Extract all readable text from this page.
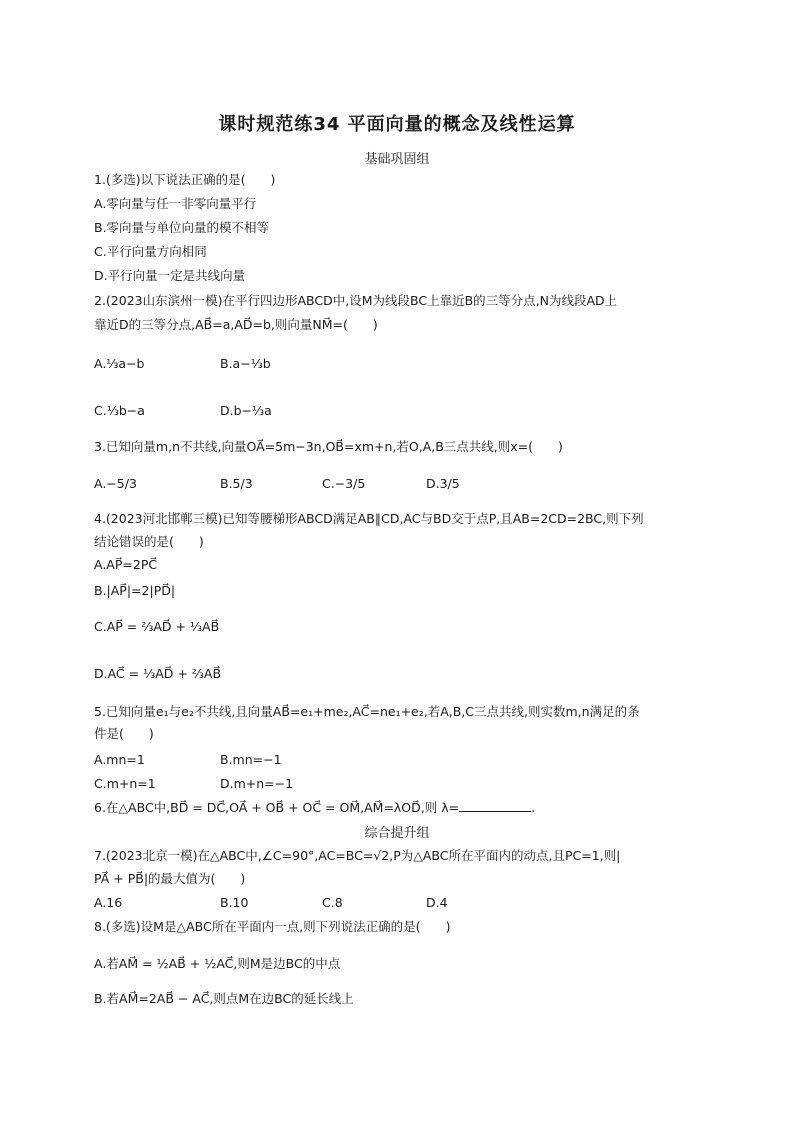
课时规范练34 平面向量的概念及线性运算
基础巩固组
1.(多选)以下说法正确的是(　　)
A.零向量与任一非零向量平行
B.零向量与单位向量的模不相等
C.平行向量方向相同
D.平行向量一定是共线向量
2.(2023山东滨州一模)在平行四边形ABCD中,设M为线段BC上靠近B的三等分点,N为线段AD上
靠近D的三等分点,AB⃗=a,AD⃗=b,则向量NM⃗=(　　)
A.⅓a−b	B.a−⅓b
C.⅓b−a	D.b−⅓a
3.已知向量m,n不共线,向量OA⃗=5m−3n,OB⃗=xm+n,若O,A,B三点共线,则x=(　　)
A.−5/3	B.5/3	C.−3/5	D.3/5
4.(2023河北邯郸三模)已知等腰梯形ABCD满足AB∥CD,AC与BD交于点P,且AB=2CD=2BC,则下列
结论错误的是(　　)
A.AP⃗=2PC⃗
B.|AP⃗|=2|PD⃗|
C.AP⃗ = ⅔AD⃗ + ⅓AB⃗
D.AC⃗ = ⅓AD⃗ + ⅔AB⃗
5.已知向量e₁与e₂不共线,且向量AB⃗=e₁+me₂,AC⃗=ne₁+e₂,若A,B,C三点共线,则实数m,n满足的条
件是(　　)
A.mn=1	B.mn=−1
C.m+n=1	D.m+n=−1
6.在△ABC中,BD⃗ = DC⃗,OA⃗ + OB⃗ + OC⃗ = OM⃗,AM⃗=λOD⃗,则 λ=	.
综合提升组
7.(2023北京一模)在△ABC中,∠C=90°,AC=BC=√2,P为△ABC所在平面内的动点,且PC=1,则|
PA⃗ + PB⃗|的最大值为(　　)
A.16	B.10	C.8	D.4
8.(多选)设M是△ABC所在平面内一点,则下列说法正确的是(　　)
A.若AM⃗ = ½AB⃗ + ½AC⃗,则M是边BC的中点
B.若AM⃗=2AB⃗ − AC⃗,则点M在边BC的延长线上
